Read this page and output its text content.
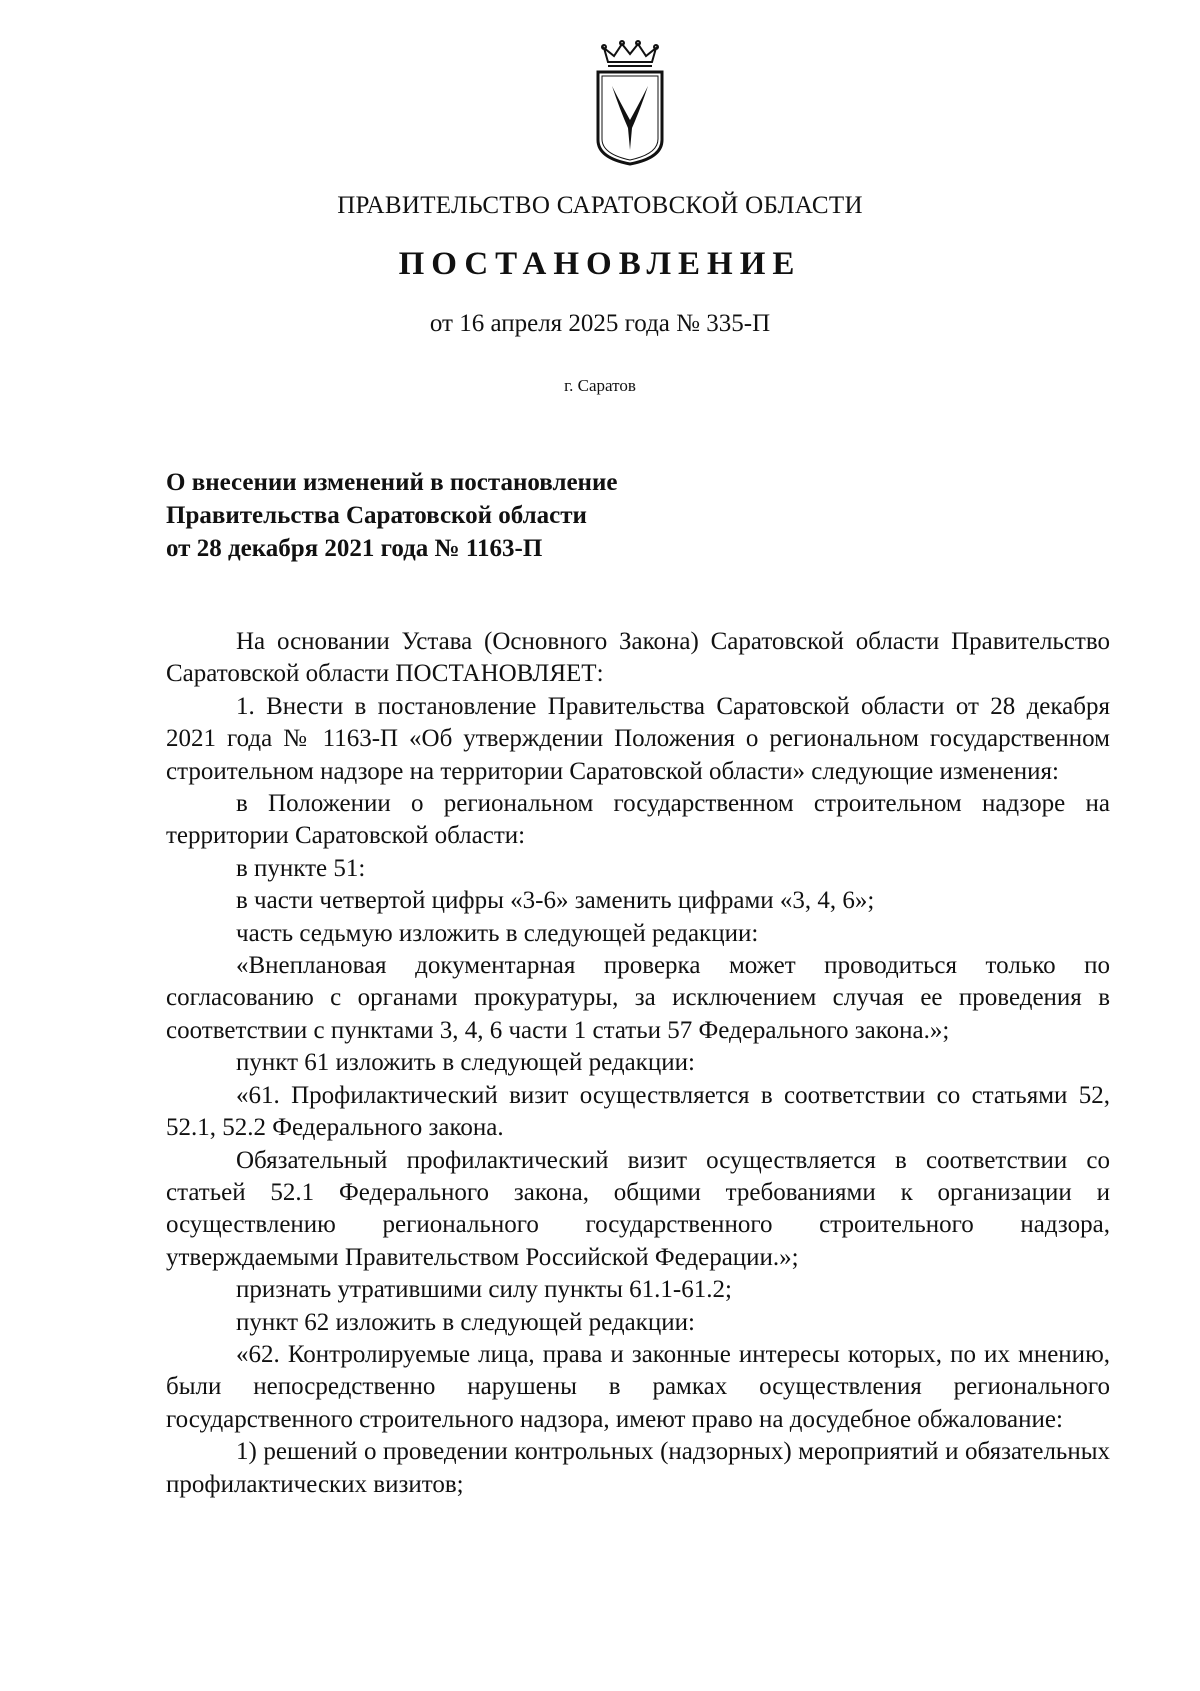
ПРАВИТЕЛЬСТВО САРАТОВСКОЙ ОБЛАСТИ

ПОСТАНОВЛЕНИЕ

от 16 апреля 2025 года № 335-П

г. Саратов

О внесении изменений в постановление
Правительства Саратовской области
от 28 декабря 2021 года № 1163-П

На основании Устава (Основного Закона) Саратовской области Правительство Саратовской области ПОСТАНОВЛЯЕТ:

1. Внести в постановление Правительства Саратовской области от 28 декабря 2021 года № 1163-П «Об утверждении Положения о региональном государственном строительном надзоре на территории Саратовской области» следующие изменения:

в Положении о региональном государственном строительном надзоре на территории Саратовской области:

в пункте 51:

в части четвертой цифры «3-6» заменить цифрами «3, 4, 6»;

часть седьмую изложить в следующей редакции:

«Внеплановая документарная проверка может проводиться только по согласованию с органами прокуратуры, за исключением случая ее проведения в соответствии с пунктами 3, 4, 6 части 1 статьи 57 Федерального закона.»;

пункт 61 изложить в следующей редакции:

«61. Профилактический визит осуществляется в соответствии со статьями 52, 52.1, 52.2 Федерального закона.

Обязательный профилактический визит осуществляется в соответствии со статьей 52.1 Федерального закона, общими требованиями к организации и осуществлению регионального государственного строительного надзора, утверждаемыми Правительством Российской Федерации.»;

признать утратившими силу пункты 61.1-61.2;

пункт 62 изложить в следующей редакции:

«62. Контролируемые лица, права и законные интересы которых, по их мнению, были непосредственно нарушены в рамках осуществления регионального государственного строительного надзора, имеют право на досудебное обжалование:

1) решений о проведении контрольных (надзорных) мероприятий и обязательных профилактических визитов;
